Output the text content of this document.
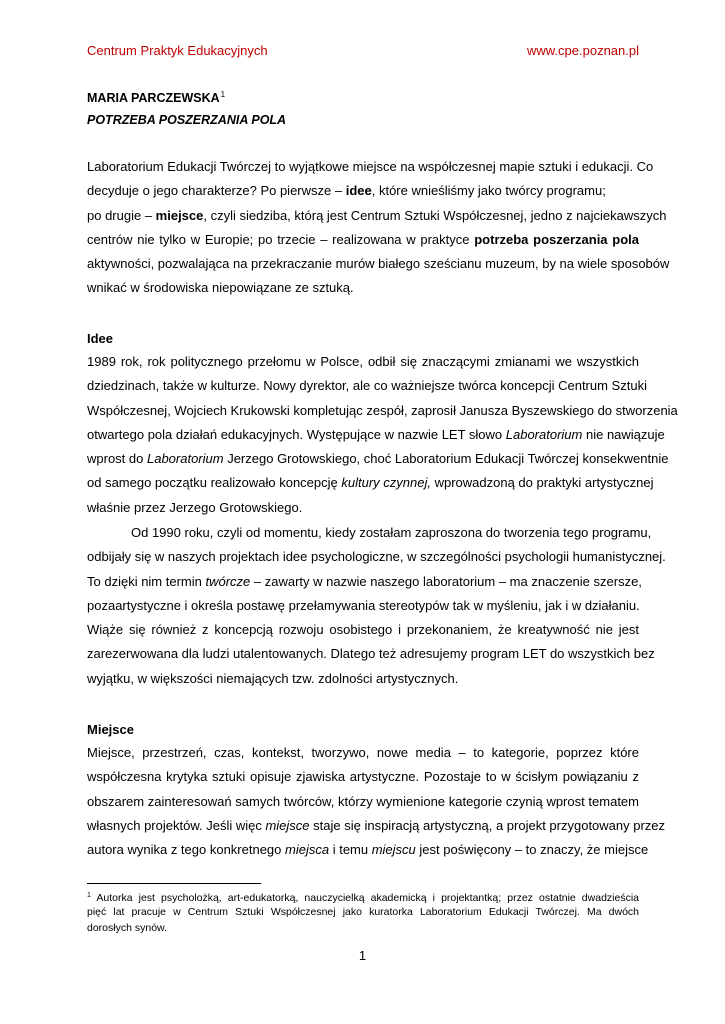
Centrum Praktyk Edukacyjnych	www.cpe.poznan.pl
MARIA PARCZEWSKA$^1$
POTRZEBA POSZERZANIA POLA
Laboratorium Edukacji Twórczej to wyjątkowe miejsce na współczesnej mapie sztuki i edukacji. Co
decyduje o jego charakterze? Po pierwsze – idee, które wnieśliśmy jako twórcy programu;
po drugie – miejsce, czyli siedziba, którą jest Centrum Sztuki Współczesnej, jedno z najciekawszych
centrów nie tylko w Europie; po trzecie – realizowana w praktyce potrzeba poszerzania pola
aktywności, pozwalająca na przekraczanie murów białego sześcianu muzeum, by na wiele sposobów
wnikać w środowiska niepowiązane ze sztuką.
Idee
1989 rok, rok politycznego przełomu w Polsce, odbił się znaczącymi zmianami we wszystkich
dziedzinach, także w kulturze. Nowy dyrektor, ale co ważniejsze twórca koncepcji Centrum Sztuki
Współczesnej, Wojciech Krukowski kompletując zespół, zaprosił Janusza Byszewskiego do stworzenia
otwartego pola działań edukacyjnych. Występujące w nazwie LET słowo Laboratorium nie nawiązuje
wprost do Laboratorium Jerzego Grotowskiego, choć Laboratorium Edukacji Twórczej konsekwentnie
od samego początku realizowało koncepcję kultury czynnej, wprowadzoną do praktyki artystycznej
właśnie przez Jerzego Grotowskiego.
Od 1990 roku, czyli od momentu, kiedy zostałam zaproszona do tworzenia tego programu,
odbijały się w naszych projektach idee psychologiczne, w szczególności psychologii humanistycznej.
To dzięki nim termin twórcze – zawarty w nazwie naszego laboratorium – ma znaczenie szersze,
pozaartystyczne i określa postawę przełamywania stereotypów tak w myśleniu, jak i w działaniu.
Wiąże się również z koncepcją rozwoju osobistego i przekonaniem, że kreatywność nie jest
zarezerwowana dla ludzi utalentowanych. Dlatego też adresujemy program LET do wszystkich bez
wyjątku, w większości niemających tzw. zdolności artystycznych.
Miejsce
Miejsce, przestrzeń, czas, kontekst, tworzywo, nowe media – to kategorie, poprzez które
współczesna krytyka sztuki opisuje zjawiska artystyczne. Pozostaje to w ścisłym powiązaniu z
obszarem zainteresowań samych twórców, którzy wymienione kategorie czynią wprost tematem
własnych projektów. Jeśli więc miejsce staje się inspiracją artystyczną, a projekt przygotowany przez
autora wynika z tego konkretnego miejsca i temu miejscu jest poświęcony – to znaczy, że miejsce
$^1$ Autorka jest psycholożką, art-edukatorką, nauczycielką akademicką i projektantką; przez ostatnie dwadzieścia
pięć lat pracuje w Centrum Sztuki Współczesnej jako kuratorka Laboratorium Edukacji Twórczej. Ma dwóch
dorosłych synów.
1
